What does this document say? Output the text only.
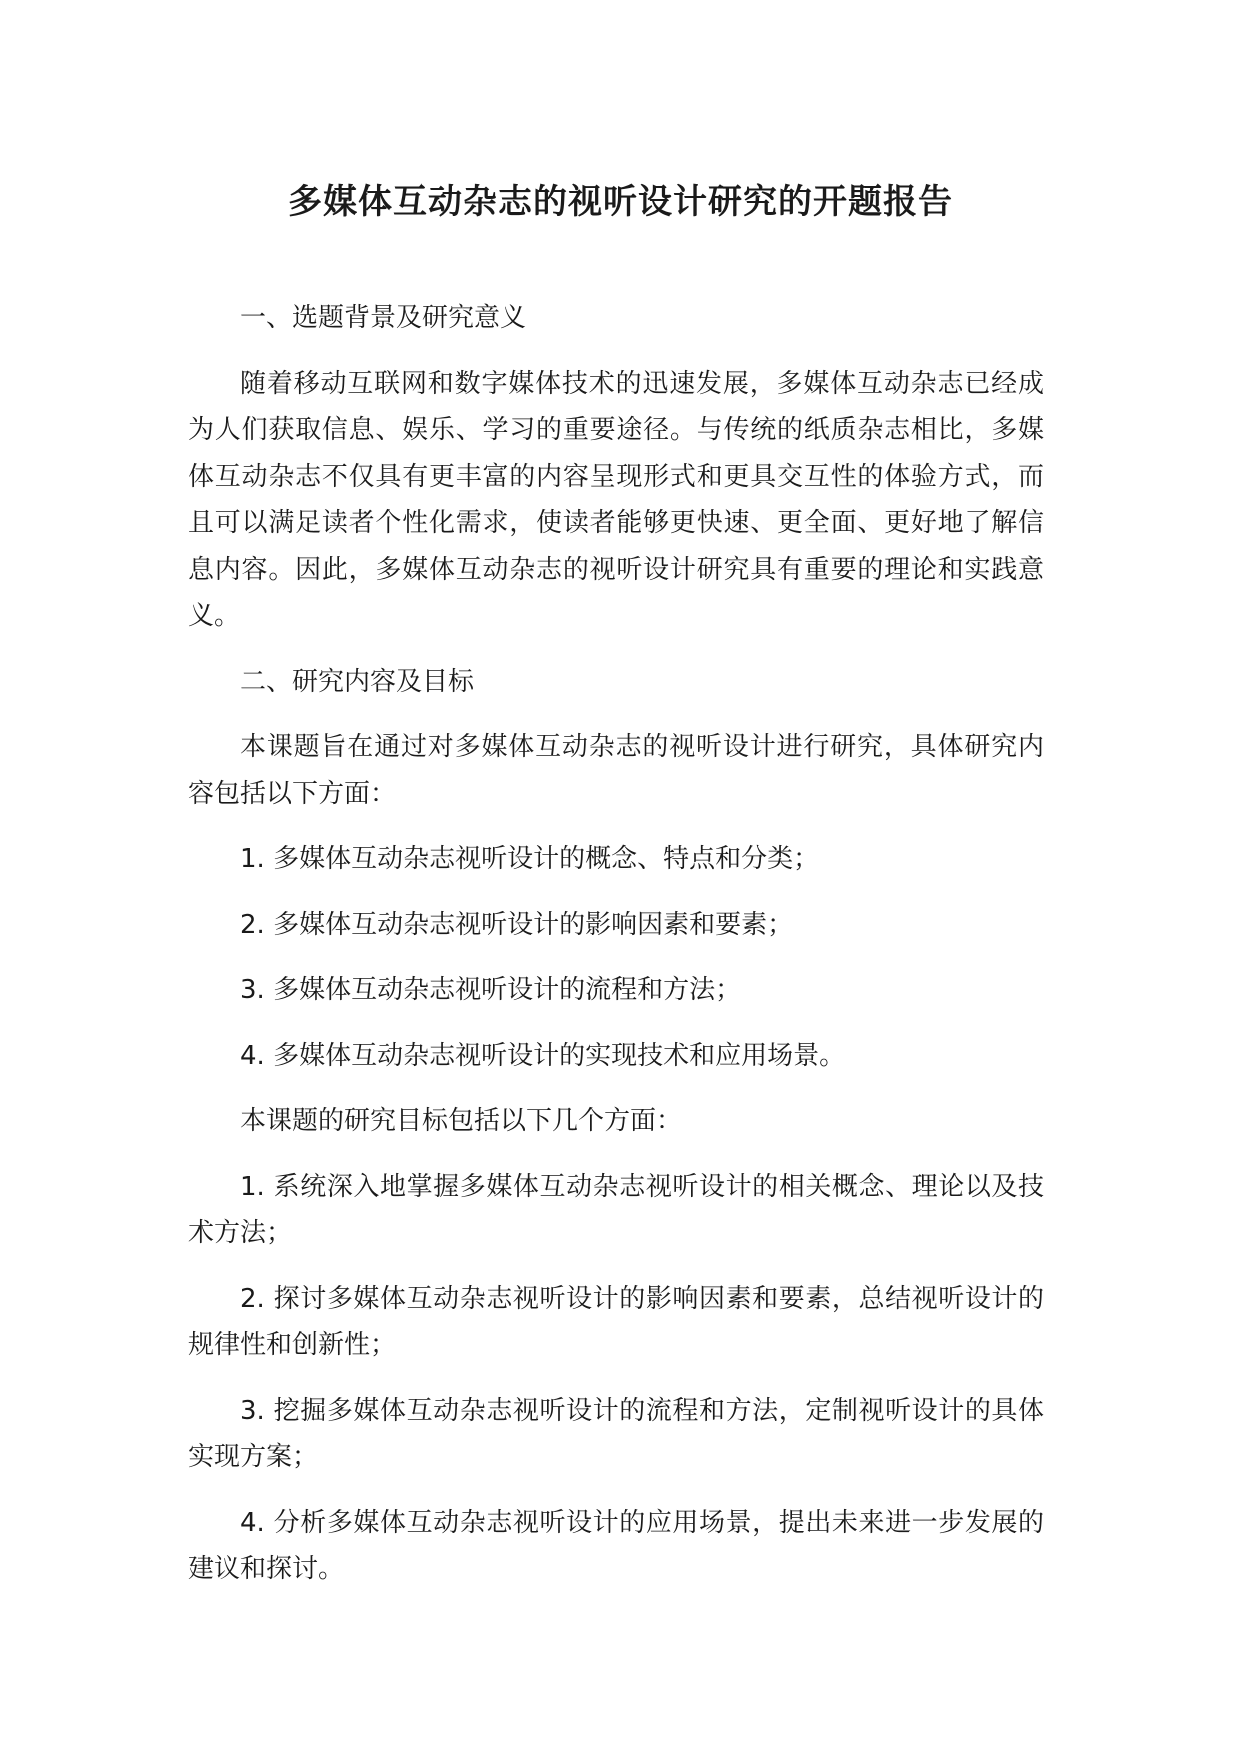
多媒体互动杂志的视听设计研究的开题报告

一、选题背景及研究意义

随着移动互联网和数字媒体技术的迅速发展，多媒体互动杂志已经成为人们获取信息、娱乐、学习的重要途径。与传统的纸质杂志相比，多媒体互动杂志不仅具有更丰富的内容呈现形式和更具交互性的体验方式，而且可以满足读者个性化需求，使读者能够更快速、更全面、更好地了解信息内容。因此，多媒体互动杂志的视听设计研究具有重要的理论和实践意义。

二、研究内容及目标

本课题旨在通过对多媒体互动杂志的视听设计进行研究，具体研究内容包括以下方面：

1. 多媒体互动杂志视听设计的概念、特点和分类；

2. 多媒体互动杂志视听设计的影响因素和要素；

3. 多媒体互动杂志视听设计的流程和方法；

4. 多媒体互动杂志视听设计的实现技术和应用场景。

本课题的研究目标包括以下几个方面：

1. 系统深入地掌握多媒体互动杂志视听设计的相关概念、理论以及技术方法；

2. 探讨多媒体互动杂志视听设计的影响因素和要素，总结视听设计的规律性和创新性；

3. 挖掘多媒体互动杂志视听设计的流程和方法，定制视听设计的具体实现方案；

4. 分析多媒体互动杂志视听设计的应用场景，提出未来进一步发展的建议和探讨。
